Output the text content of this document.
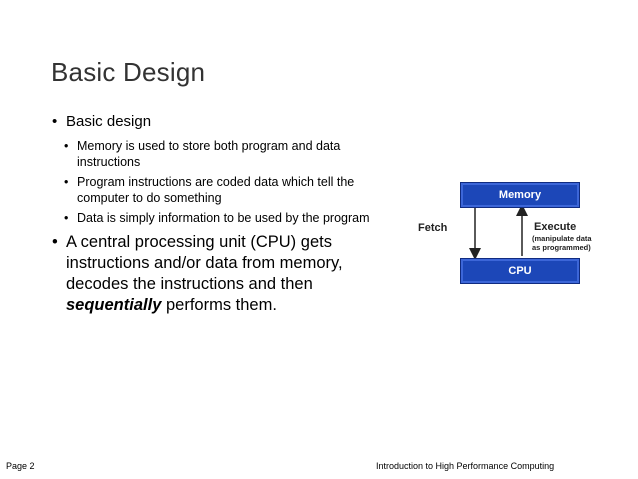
Basic Design
• Basic design
• Memory is used to store both program and data instructions
• Program instructions are coded data which tell the computer to do something
• Data is simply information to be used by the program
• A central processing unit (CPU) gets instructions and/or data from memory, decodes the instructions and then sequentially performs them.
Memory
CPU
Fetch	Execute
(manipulate data
as programmed)
Page 2	Introduction to High Performance Computing
